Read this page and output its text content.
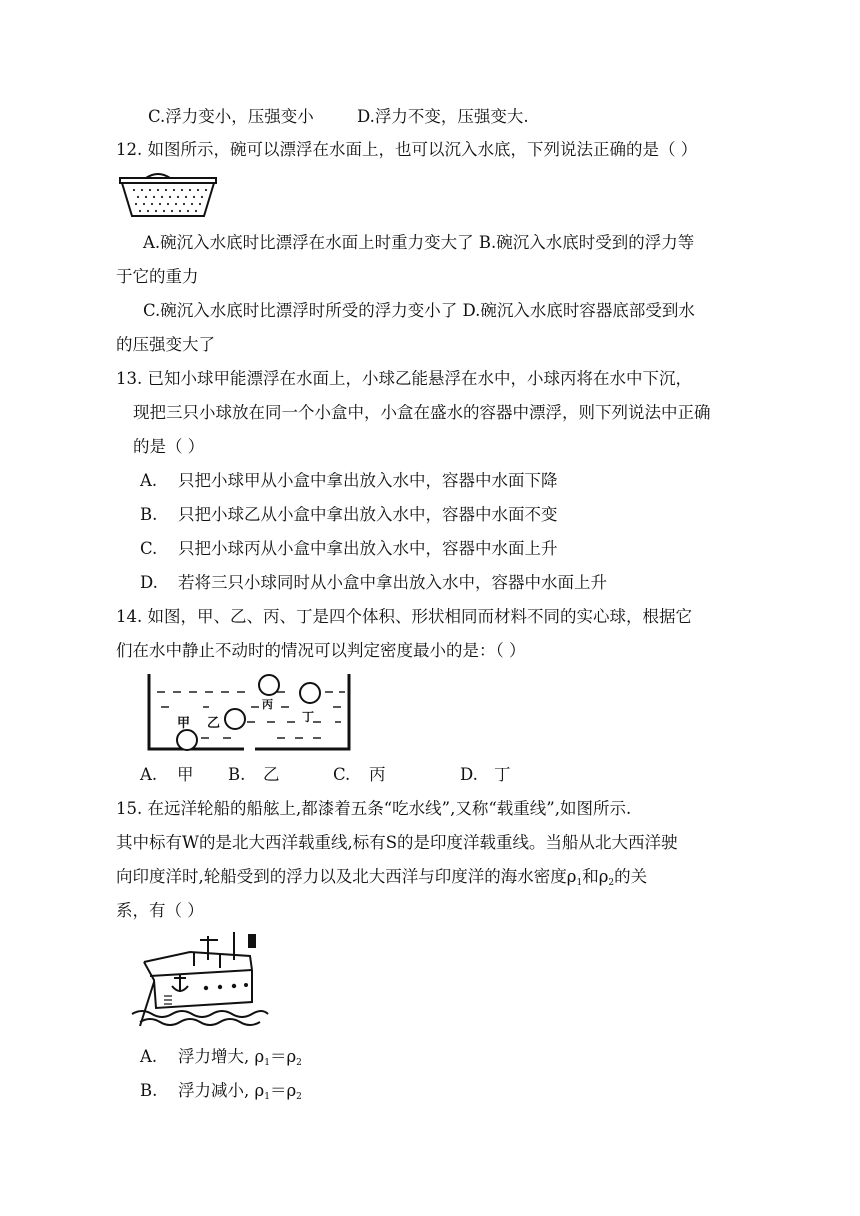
C.浮力变小，压强变小	D.浮力不变，压强变大.
12. 如图所示，碗可以漂浮在水面上，也可以沉入水底，下列说法正确的是（ ）
A.碗沉入水底时比漂浮在水面上时重力变大了 B.碗沉入水底时受到的浮力等
于它的重力
C.碗沉入水底时比漂浮时所受的浮力变小了 D.碗沉入水底时容器底部受到水
的压强变大了
13. 已知小球甲能漂浮在水面上，小球乙能悬浮在水中，小球丙将在水中下沉，
现把三只小球放在同一个小盒中，小盒在盛水的容器中漂浮，则下列说法中正确
的是（ ）
A. 只把小球甲从小盒中拿出放入水中，容器中水面下降
B. 只把小球乙从小盒中拿出放入水中，容器中水面不变
C. 只把小球丙从小盒中拿出放入水中，容器中水面上升
D. 若将三只小球同时从小盒中拿出放入水中，容器中水面上升
14. 如图，甲、乙、丙、丁是四个体积、形状相同而材料不同的实心球，根据它
们在水中静止不动时的情况可以判定密度最小的是：（ ）
甲 乙
丙
丁
A. 甲 B. 乙	C. 丙	D. 丁
15. 在远洋轮船的船舷上,都漆着五条“吃水线”,又称“载重线”,如图所示.
其中标有W的是北大西洋载重线,标有S的是印度洋载重线。当船从北大西洋驶
向印度洋时,轮船受到的浮力以及北大西洋与印度洋的海水密度$\rho_1$和$\rho_2$的关
系，有（ ）
A. 浮力增大, $\rho_1=\rho_2$
B. 浮力减小, $\rho_1=\rho_2$
